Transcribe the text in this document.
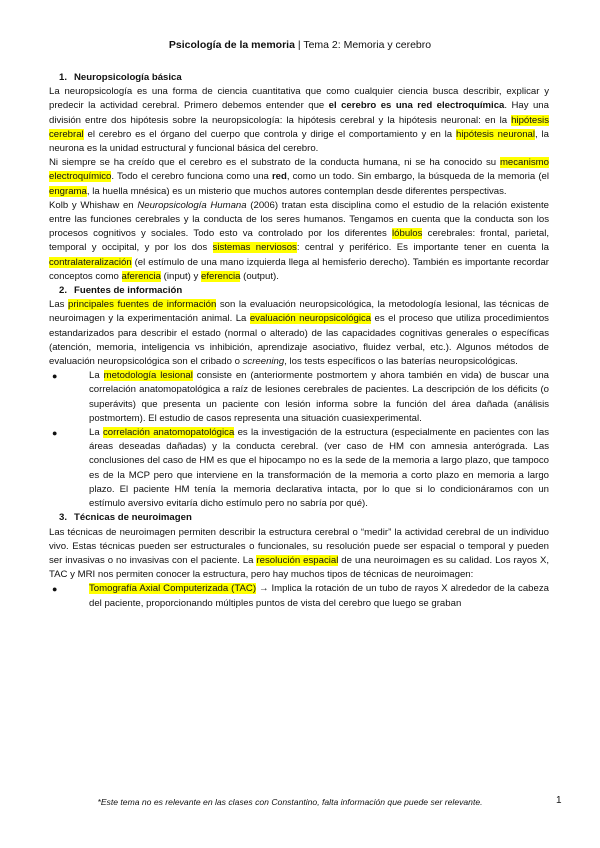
Psicología de la memoria | Tema 2: Memoria y cerebro
1. Neuropsicología básica

La neuropsicología es una forma de ciencia cuantitativa que como cualquier ciencia busca describir, explicar y predecir la actividad cerebral. Primero debemos entender que el cerebro es una red electroquímica. Hay una división entre dos hipótesis sobre la neuropsicología: la hipótesis cerebral y la hipótesis neuronal: en la hipótesis cerebral el cerebro es el órgano del cuerpo que controla y dirige el comportamiento y en la hipótesis neuronal, la neurona es la unidad estructural y funcional básica del cerebro.

Ni siempre se ha creído que el cerebro es el substrato de la conducta humana, ni se ha conocido su mecanismo electroquímico. Todo el cerebro funciona como una red, como un todo. Sin embargo, la búsqueda de la memoria (el engrama, la huella mnésica) es un misterio que muchos autores contemplan desde diferentes perspectivas.

Kolb y Whishaw en Neuropsicología Humana (2006) tratan esta disciplina como el estudio de la relación existente entre las funciones cerebrales y la conducta de los seres humanos. Tengamos en cuenta que la conducta son los procesos cognitivos y sociales. Todo esto va controlado por los diferentes lóbulos cerebrales: frontal, parietal, temporal y occipital, y por los dos sistemas nerviosos: central y periférico. Es importante tener en cuenta la contralateralización (el estímulo de una mano izquierda llega al hemisferio derecho). También es importante recordar conceptos como aferencia (input) y eferencia (output).

2. Fuentes de información

Las principales fuentes de información son la evaluación neuropsicológica, la metodología lesional, las técnicas de neuroimagen y la experimentación animal. La evaluación neuropsicológica es el proceso que utiliza procedimientos estandarizados para describir el estado (normal o alterado) de las capacidades cognitivas generales o específicas (atención, memoria, inteligencia vs inhibición, aprendizaje asociativo, fluidez verbal, etc.). Algunos métodos de evaluación neuropsicológica son el cribado o screening, los tests específicos o las baterías neuropsicológicas.

●	La metodología lesional consiste en (anteriormente postmortem y ahora también en vida) de buscar una correlación anatomopatológica a raíz de lesiones cerebrales de pacientes. La descripción de los déficits (o superávits) que presenta un paciente con lesión informa sobre la función del área dañada (análisis postmortem). El estudio de casos representa una situación cuasiexperimental.
●	La correlación anatomopatológica es la investigación de la estructura (especialmente en pacientes con las áreas deseadas dañadas) y la conducta cerebral. (ver caso de HM con amnesia anterógrada. Las conclusiones del caso de HM es que el hipocampo no es la sede de la memoria a largo plazo, que tampoco es de la MCP pero que interviene en la transformación de la memoria a corto plazo en memoria a largo plazo. El paciente HM tenía la memoria declarativa intacta, por lo que si lo condicionáramos con un estímulo aversivo evitaría dicho estímulo pero no sabría por qué).
3. Técnicas de neuroimagen

Las técnicas de neuroimagen permiten describir la estructura cerebral o “medir” la actividad cerebral de un individuo vivo. Estas técnicas pueden ser estructurales o funcionales, su resolución puede ser espacial o temporal y pueden ser invasivas o no invasivas con el paciente. La resolución espacial de una neuroimagen es su calidad. Los rayos X, TAC y MRI nos permiten conocer la estructura, pero hay muchos tipos de técnicas de neuroimagen:

●	Tomografía Axial Computerizada (TAC) → Implica la rotación de un tubo de rayos X alrededor de la cabeza del paciente, proporcionando múltiples puntos de vista del cerebro que luego se graban
*Este tema no es relevante en las clases con Constantino, falta información que puede ser relevante.	1
